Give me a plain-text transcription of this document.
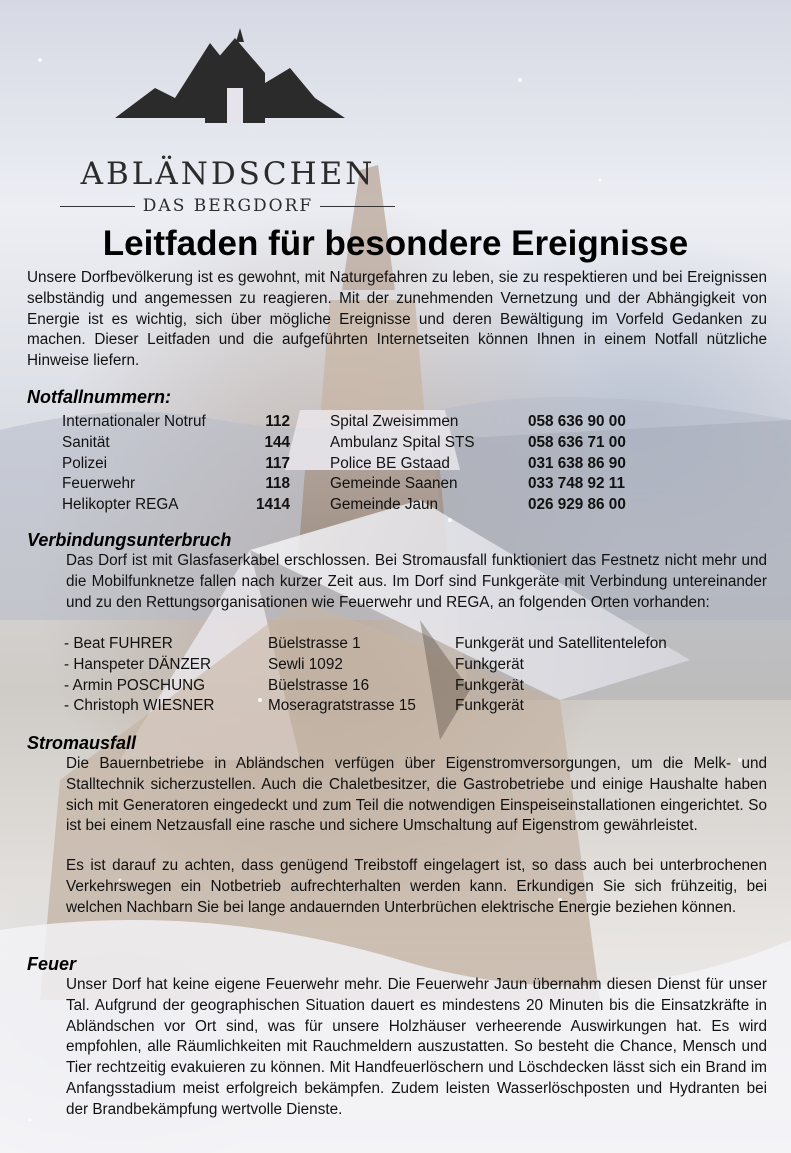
ABLÄNDSCHEN
DAS BERGDORF
Leitfaden für besondere Ereignisse

Unsere Dorfbevölkerung ist es gewohnt, mit Naturgefahren zu leben, sie zu respektieren und bei Ereignissen selbständig und angemessen zu reagieren. Mit der zunehmenden Vernetzung und der Abhängigkeit von Energie ist es wichtig, sich über mögliche Ereignisse und deren Bewältigung im Vorfeld Gedanken zu machen. Dieser Leitfaden und die aufgeführten Internetseiten können Ihnen in einem Notfall nützliche Hinweise liefern.

Notfallnummern:
Internationaler Notruf	112	Spital Zweisimmen	058 636 90 00
Sanität	144	Ambulanz Spital STS	058 636 71 00
Polizei	117	Police BE Gstaad	031 638 86 90
Feuerwehr	118	Gemeinde Saanen	033 748 92 11
Helikopter REGA	1414	Gemeinde Jaun	026 929 86 00
Verbindungsunterbruch

Das Dorf ist mit Glasfaserkabel erschlossen. Bei Stromausfall funktioniert das Festnetz nicht mehr und die Mobilfunknetze fallen nach kurzer Zeit aus. Im Dorf sind Funkgeräte mit Verbindung untereinander und zu den Rettungsorganisationen wie Feuerwehr und REGA, an folgenden Orten vorhanden:

- Beat FUHRER	Büelstrasse 1	Funkgerät und Satellitentelefon
- Hanspeter DÄNZER	Sewli 1092	Funkgerät
- Armin POSCHUNG	Büelstrasse 16	Funkgerät
- Christoph WIESNER	Moseragratstrasse 15	Funkgerät
Stromausfall

Die Bauernbetriebe in Abländschen verfügen über Eigenstromversorgungen, um die Melk- und Stalltechnik sicherzustellen. Auch die Chaletbesitzer, die Gastrobetriebe und einige Haushalte haben sich mit Generatoren eingedeckt und zum Teil die notwendigen Einspeiseinstallationen eingerichtet. So ist bei einem Netzausfall eine rasche und sichere Umschaltung auf Eigenstrom gewährleistet.

Es ist darauf zu achten, dass genügend Treibstoff eingelagert ist, so dass auch bei unterbrochenen Verkehrswegen ein Notbetrieb aufrechterhalten werden kann. Erkundigen Sie sich frühzeitig, bei welchen Nachbarn Sie bei lange andauernden Unterbrüchen elektrische Energie beziehen können.

Feuer

Unser Dorf hat keine eigene Feuerwehr mehr. Die Feuerwehr Jaun übernahm diesen Dienst für unser Tal. Aufgrund der geographischen Situation dauert es mindestens 20 Minuten bis die Einsatzkräfte in Abländschen vor Ort sind, was für unsere Holzhäuser verheerende Auswirkungen hat. Es wird empfohlen, alle Räumlichkeiten mit Rauchmeldern auszustatten. So besteht die Chance, Mensch und Tier rechtzeitig evakuieren zu können. Mit Handfeuerlöschern und Löschdecken lässt sich ein Brand im Anfangsstadium meist erfolgreich bekämpfen. Zudem leisten Wasserlöschposten und Hydranten bei der Brandbekämpfung wertvolle Dienste.
